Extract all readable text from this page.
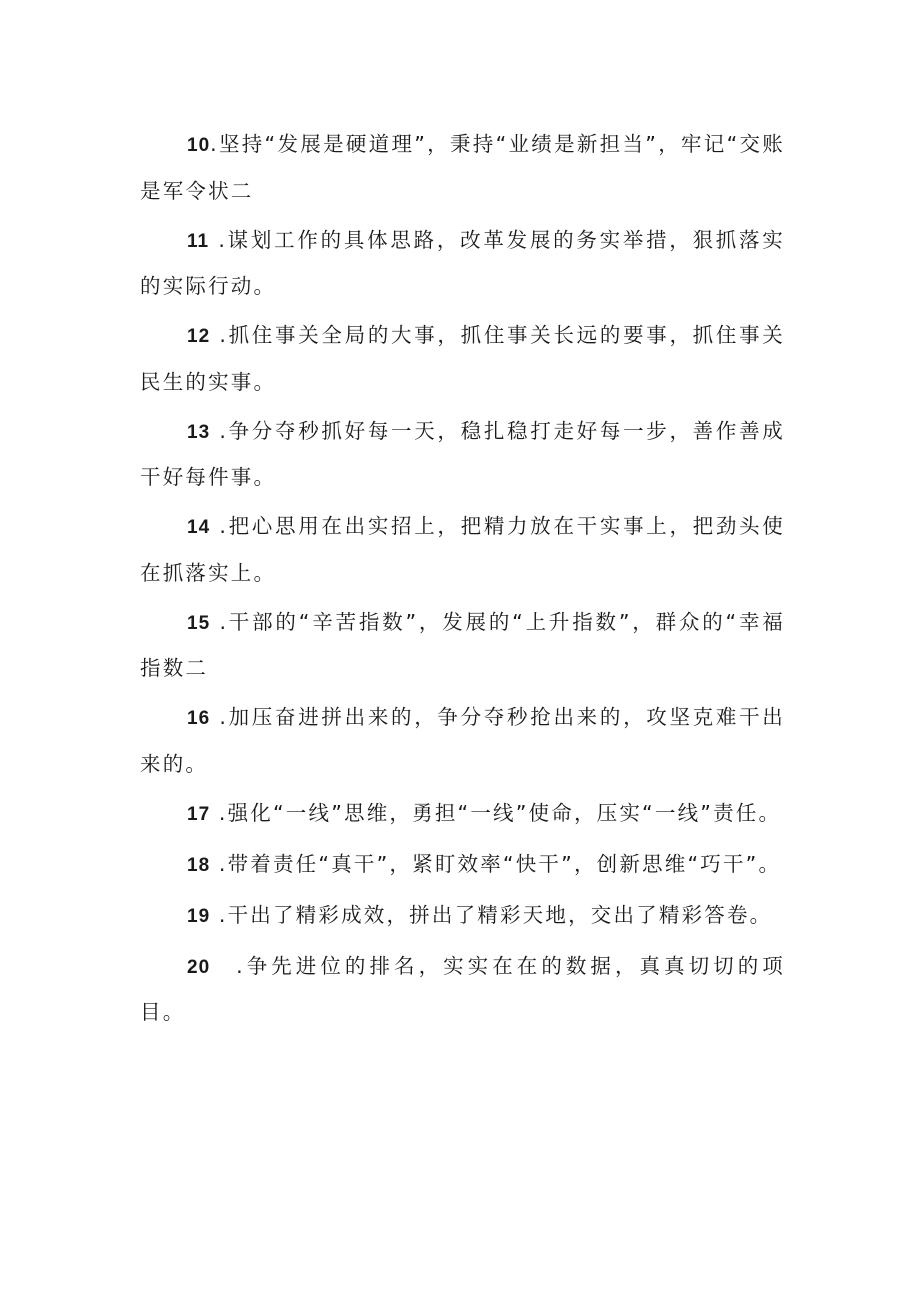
10.坚持“发展是硬道理”，秉持“业绩是新担当”，牢记“交账是军令状二

11 .谋划工作的具体思路，改革发展的务实举措，狠抓落实的实际行动。

12 .抓住事关全局的大事，抓住事关长远的要事，抓住事关民生的实事。

13 .争分夺秒抓好每一天，稳扎稳打走好每一步，善作善成干好每件事。

14 .把心思用在出实招上，把精力放在干实事上，把劲头使在抓落实上。

15 .干部的“辛苦指数”，发展的“上升指数”，群众的“幸福指数二

16 .加压奋进拼出来的，争分夺秒抢出来的，攻坚克难干出来的。

17 .强化“一线”思维，勇担“一线”使命，压实“一线”责任。

18 .带着责任“真干”，紧盯效率“快干”，创新思维“巧干”。

19 .干出了精彩成效，拼出了精彩天地，交出了精彩答卷。

20 .争先进位的排名，实实在在的数据，真真切切的项目。
